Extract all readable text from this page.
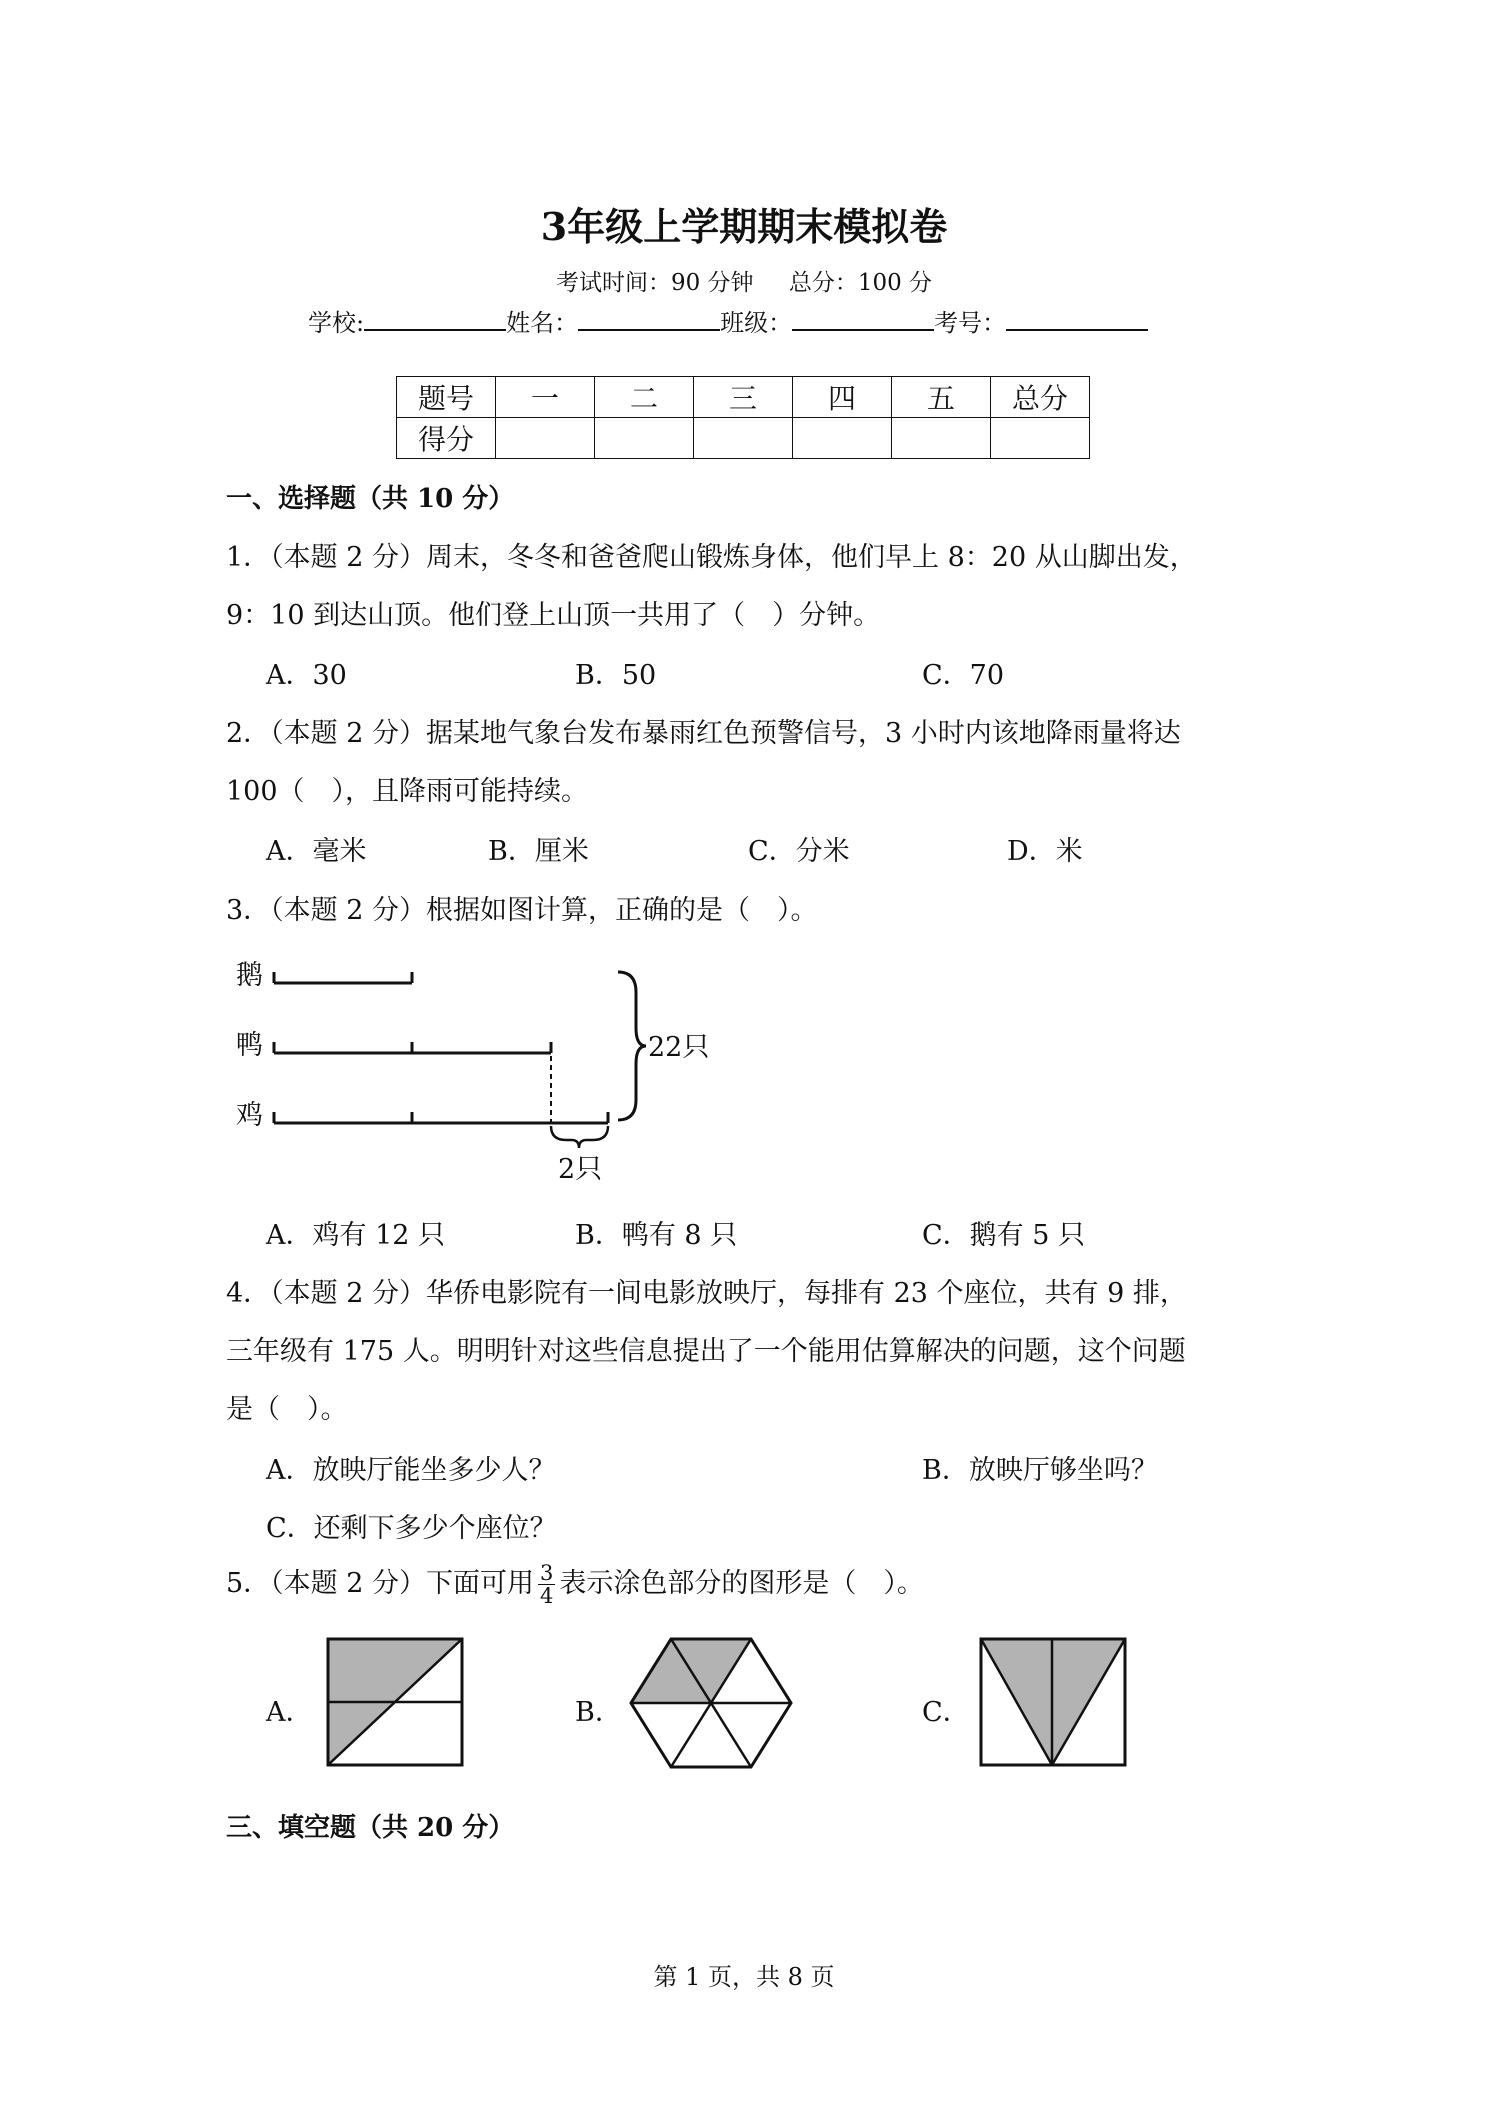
3年级上学期期末模拟卷
考试时间：90 分钟 总分：100 分
学校:	姓名：	班级：	考号：
题号	一	二	三	四	五	总分
得分						
一、选择题（共 10 分）
1．（本题 2 分）周末，冬冬和爸爸爬山锻炼身体，他们早上 8：20 从山脚出发，
9：10 到达山顶。他们登上山顶一共用了（　）分钟。
A．30	B．50	C．70
2．（本题 2 分）据某地气象台发布暴雨红色预警信号，3 小时内该地降雨量将达
100（　），且降雨可能持续。
A．毫米	B．厘米	C．分米	D．米
3．（本题 2 分）根据如图计算，正确的是（　）。
鹅
鸭
鸡
22只
2只
A．鸡有 12 只	B．鸭有 8 只	C．鹅有 5 只
4．（本题 2 分）华侨电影院有一间电影放映厅，每排有 23 个座位，共有 9 排，
三年级有 175 人。明明针对这些信息提出了一个能用估算解决的问题，这个问题
是（　）。
A．放映厅能坐多少人？	B．放映厅够坐吗？
C．还剩下多少个座位？
5．（本题 2 分）下面可用 $\frac{3}{4}$ 表示涂色部分的图形是（　）。
A．	B．	C．
三、填空题（共 20 分）
第 1 页，共 8 页
